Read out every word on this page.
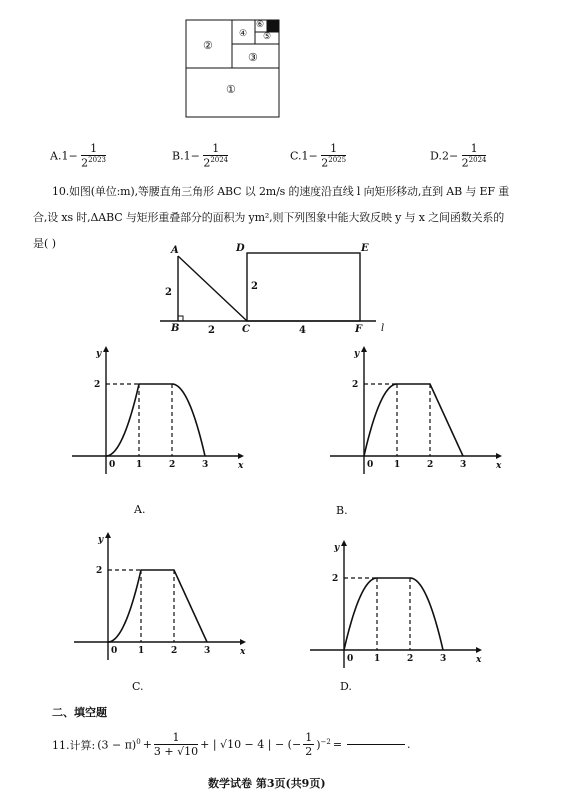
②
④
⑥
⑤
③
①
$A.1- \frac{1}{2^{2023}}$	$B.1- \frac{1}{2^{2024}}$	$C.1- \frac{1}{2^{2025}}$	$D.2- \frac{1}{2^{2024}}$
10.如图(单位:m),等腰直角三角形 ABC 以 2m/s 的速度沿直线 l 向矩形移动,直到 AB 与 EF 重
合,设 xs 时,ΔABC 与矩形重叠部分的面积为 ym²,则下列图象中能大致反映 y 与 x 之间函数关系的
是( )
A
B	C
D	E
F l
2
2
2
4
y
x
0 1	2	3
2
y
x
0 1	2	3
2
y
x
0 1	2	3
2
y
x
0 1	2	3
2
A.	B.
C.	D.
二、填空题
11.计算: $(3 - \pi)^0 + \frac{1}{3 + √10}$ + | √10 − 4 | − (− $\frac{1}{2} )^{-2}$ =	.
数学试卷 第3页(共9页)
